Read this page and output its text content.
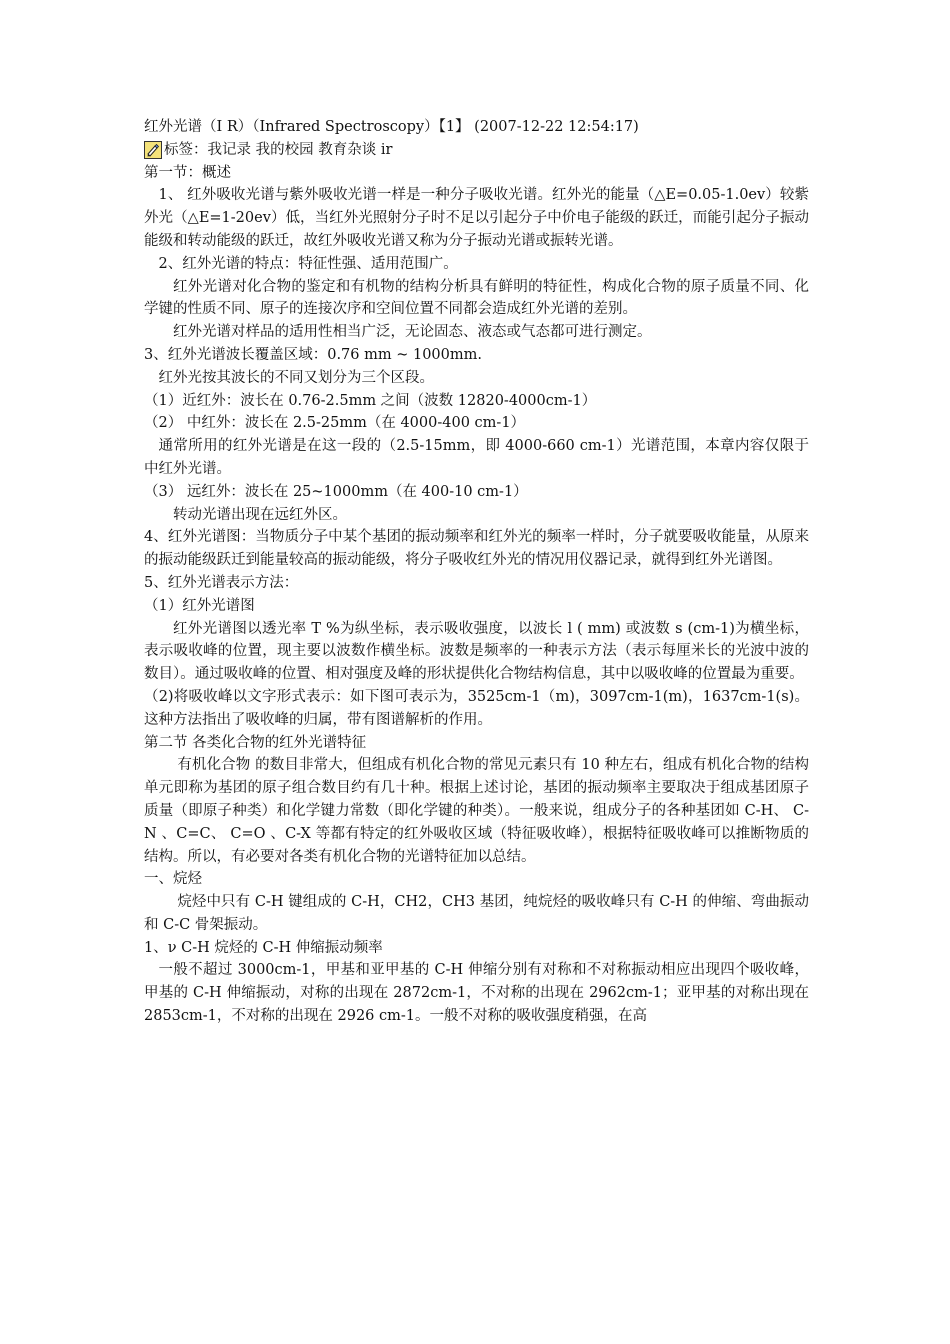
红外光谱（I R）（Infrared Spectroscopy）【1】 (2007-12-22 12:54:17)
标签：我记录 我的校园 教育杂谈 ir
第一节：概述
1、 红外吸收光谱与紫外吸收光谱一样是一种分子吸收光谱。红外光的能量（△E=0.05-1.0ev）较紫外光（△E=1-20ev）低，当红外光照射分子时不足以引起分子中价电子能级的跃迁，而能引起分子振动能级和转动能级的跃迁，故红外吸收光谱又称为分子振动光谱或振转光谱。
2、红外光谱的特点：特征性强、适用范围广。
红外光谱对化合物的鉴定和有机物的结构分析具有鲜明的特征性，构成化合物的原子质量不同、化学键的性质不同、原子的连接次序和空间位置不同都会造成红外光谱的差别。
红外光谱对样品的适用性相当广泛，无论固态、液态或气态都可进行测定。
3、红外光谱波长覆盖区域：0.76 mm ~ 1000mm.
红外光按其波长的不同又划分为三个区段。
（1）近红外：波长在 0.76-2.5mm 之间（波数 12820-4000cm-1）
（2） 中红外：波长在 2.5-25mm（在 4000-400 cm-1）
通常所用的红外光谱是在这一段的（2.5-15mm，即 4000-660 cm-1）光谱范围，本章内容仅限于中红外光谱。
（3） 远红外：波长在 25~1000mm（在 400-10 cm-1）
转动光谱出现在远红外区。
4、红外光谱图：当物质分子中某个基团的振动频率和红外光的频率一样时，分子就要吸收能量，从原来的振动能级跃迁到能量较高的振动能级，将分子吸收红外光的情况用仪器记录，就得到红外光谱图。
5、红外光谱表示方法：
（1）红外光谱图
红外光谱图以透光率 T %为纵坐标，表示吸收强度，以波长 l ( mm) 或波数 s (cm-1)为横坐标，表示吸收峰的位置，现主要以波数作横坐标。波数是频率的一种表示方法（表示每厘米长的光波中波的数目）。通过吸收峰的位置、相对强度及峰的形状提供化合物结构信息，其中以吸收峰的位置最为重要。
（2)将吸收峰以文字形式表示：如下图可表示为，3525cm-1（m)，3097cm-1(m)，1637cm-1(s)。这种方法指出了吸收峰的归属，带有图谱解析的作用。
第二节 各类化合物的红外光谱特征
有机化合物 的数目非常大，但组成有机化合物的常见元素只有 10 种左右，组成有机化合物的结构单元即称为基团的原子组合数目约有几十种。根据上述讨论，基团的振动频率主要取决于组成基团原子质量（即原子种类）和化学键力常数（即化学键的种类）。一般来说，组成分子的各种基团如 C-H、 C-N 、C=C、 C=O 、C-X 等都有特定的红外吸收区域（特征吸收峰），根据特征吸收峰可以推断物质的结构。所以，有必要对各类有机化合物的光谱特征加以总结。
一、烷烃
烷烃中只有 C-H 键组成的 C-H，CH2，CH3 基团，纯烷烃的吸收峰只有 C-H 的伸缩、弯曲振动和 C-C 骨架振动。
1、ν C-H 烷烃的 C-H 伸缩振动频率
一般不超过 3000cm-1，甲基和亚甲基的 C-H 伸缩分别有对称和不对称振动相应出现四个吸收峰，甲基的 C-H 伸缩振动，对称的出现在 2872cm-1，不对称的出现在 2962cm-1；亚甲基的对称出现在 2853cm-1，不对称的出现在 2926 cm-1。一般不对称的吸收强度稍强，在高
